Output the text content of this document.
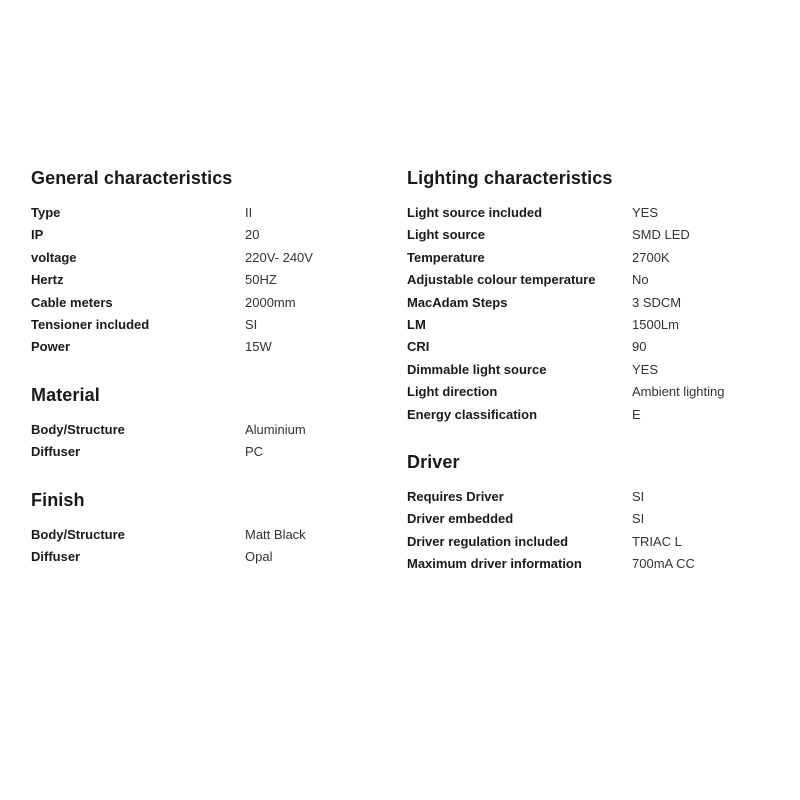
General characteristics
Type	II
IP	20
voltage	220V- 240V
Hertz	50HZ
Cable meters	2000mm
Tensioner included	SI
Power	15W
Material
Body/Structure	Aluminium
Diffuser	PC
Finish
Body/Structure	Matt Black
Diffuser	Opal
Lighting characteristics
Light source included	YES
Light source	SMD LED
Temperature	2700K
Adjustable colour temperature	No
MacAdam Steps	3 SDCM
LM	1500Lm
CRI	90
Dimmable light source	YES
Light direction	Ambient lighting
Energy classification	E
Driver
Requires Driver	SI
Driver embedded	SI
Driver regulation included	TRIAC L
Maximum driver information	700mA CC
